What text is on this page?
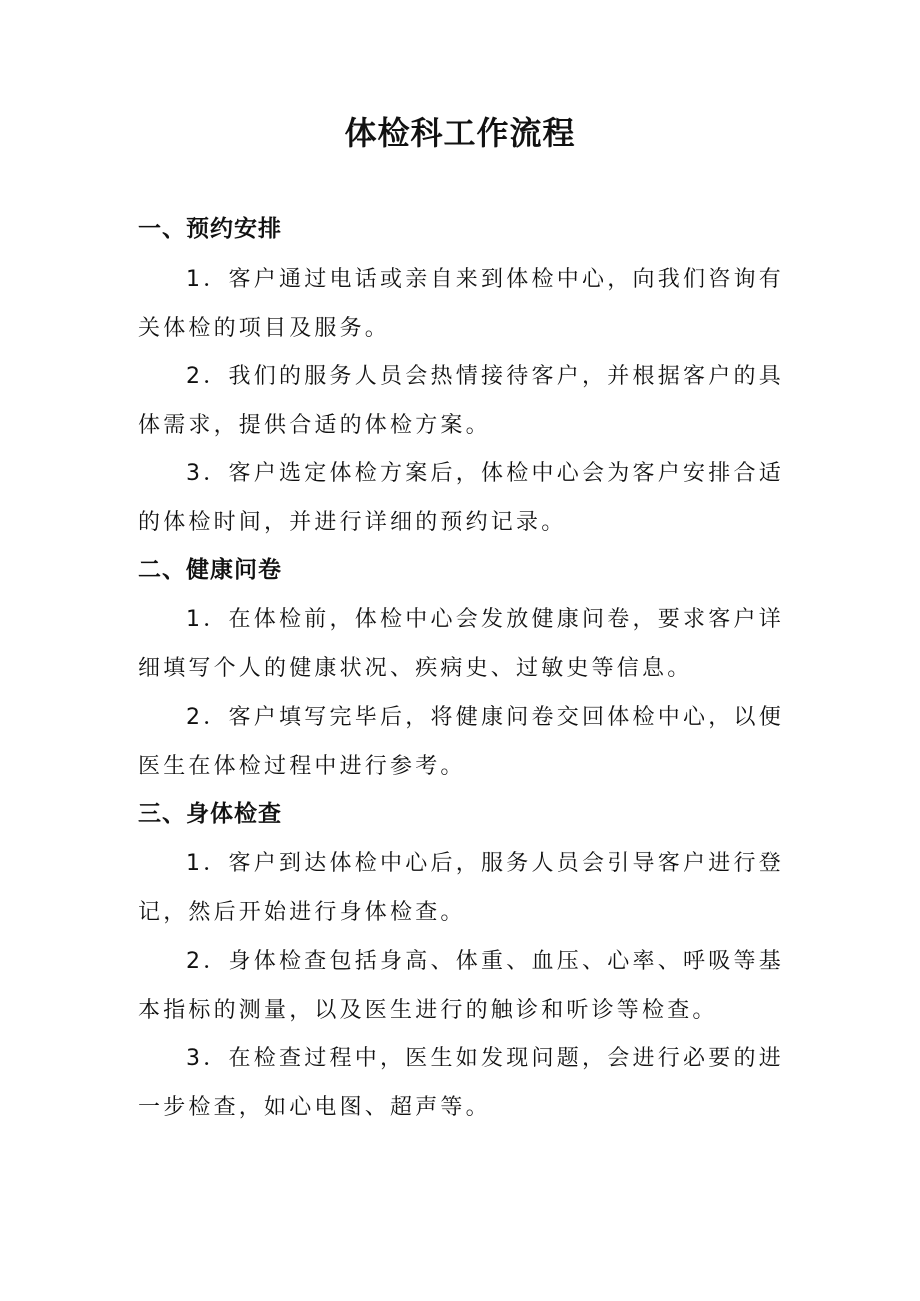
体检科工作流程
一、预约安排

1．客户通过电话或亲自来到体检中心，向我们咨询有关体检的项目及服务。

2．我们的服务人员会热情接待客户，并根据客户的具体需求，提供合适的体检方案。

3．客户选定体检方案后，体检中心会为客户安排合适的体检时间，并进行详细的预约记录。

二、健康问卷

1．在体检前，体检中心会发放健康问卷，要求客户详细填写个人的健康状况、疾病史、过敏史等信息。

2．客户填写完毕后，将健康问卷交回体检中心，以便医生在体检过程中进行参考。

三、身体检查

1．客户到达体检中心后，服务人员会引导客户进行登记，然后开始进行身体检查。

2．身体检查包括身高、体重、血压、心率、呼吸等基本指标的测量，以及医生进行的触诊和听诊等检查。

3．在检查过程中，医生如发现问题，会进行必要的进一步检查，如心电图、超声等。
